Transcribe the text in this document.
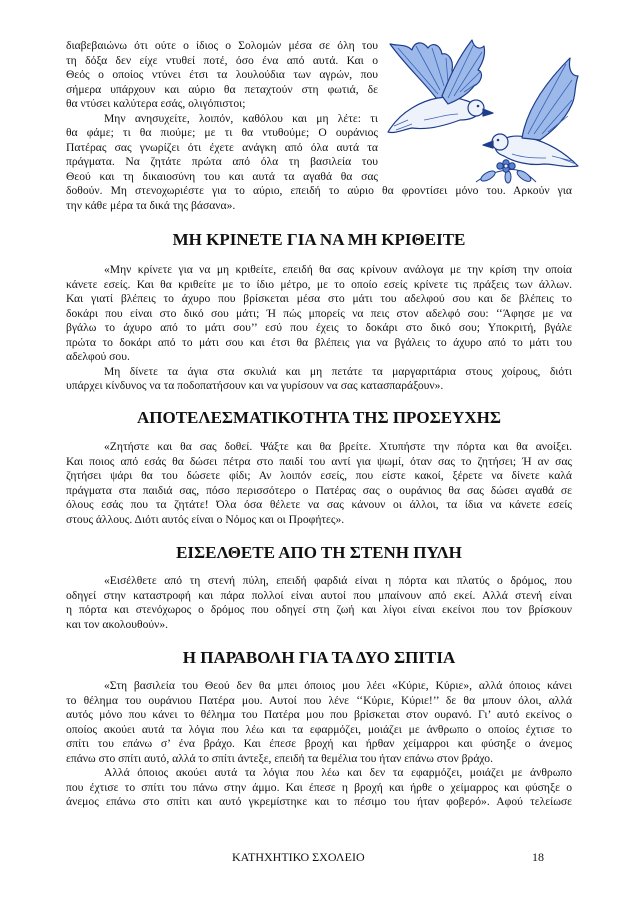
διαβεβαιώνω ότι ούτε ο ίδιος ο Σολομών μέσα σε όλη του
τη δόξα δεν είχε ντυθεί ποτέ, όσο ένα από αυτά. Και ο
Θεός ο οποίος ντύνει έτσι τα λουλούδια των αγρών, που
σήμερα υπάρχουν και αύριο θα πεταχτούν στη φωτιά, δε
θα ντύσει καλύτερα εσάς, ολιγόπιστοι;
Μην ανησυχείτε, λοιπόν, καθόλου και μη λέτε: τι
θα φάμε; τι θα πιούμε; με τι θα ντυθούμε; Ο ουράνιος
Πατέρας σας γνωρίζει ότι έχετε ανάγκη από όλα αυτά τα
πράγματα. Να ζητάτε πρώτα από όλα τη βασιλεία του
Θεού και τη δικαιοσύνη του και αυτά τα αγαθά θα σας
δοθούν. Μη στενοχωριέστε για το αύριο, επειδή το αύριο θα φροντίσει μόνο του. Αρκούν για
την κάθε μέρα τα δικά της βάσανα».
ΜΗ ΚΡΙΝΕΤΕ ΓΙΑ ΝΑ ΜΗ ΚΡΙΘΕΙΤΕ
«Μην κρίνετε για να μη κριθείτε, επειδή θα σας κρίνουν ανάλογα με την κρίση την οποία
κάνετε εσείς. Και θα κριθείτε με το ίδιο μέτρο, με το οποίο εσείς κρίνετε τις πράξεις των άλλων.
Και γιατί βλέπεις το άχυρο που βρίσκεται μέσα στο μάτι του αδελφού σου και δε βλέπεις το
δοκάρι που είναι στο δικό σου μάτι; Ή πώς μπορείς να πεις στον αδελφό σου: ‘‘Άφησε με να
βγάλω το άχυρο από το μάτι σου’’ εσύ που έχεις το δοκάρι στο δικό σου; Υποκριτή, βγάλε
πρώτα το δοκάρι από το μάτι σου και έτσι θα βλέπεις για να βγάλεις το άχυρο από το μάτι του
αδελφού σου.
Μη δίνετε τα άγια στα σκυλιά και μη πετάτε τα μαργαριτάρια στους χοίρους, διότι
υπάρχει κίνδυνος να τα ποδοπατήσουν και να γυρίσουν να σας κατασπαράξουν».
ΑΠΟΤΕΛΕΣΜΑΤΙΚΟΤΗΤΑ ΤΗΣ ΠΡΟΣΕΥΧΗΣ
«Ζητήστε και θα σας δοθεί. Ψάξτε και θα βρείτε. Χτυπήστε την πόρτα και θα ανοίξει.
Και ποιος από εσάς θα δώσει πέτρα στο παιδί του αντί για ψωμί, όταν σας το ζητήσει; Ή αν σας
ζητήσει ψάρι θα του δώσετε φίδι; Αν λοιπόν εσείς, που είστε κακοί, ξέρετε να δίνετε καλά
πράγματα στα παιδιά σας, πόσο περισσότερο ο Πατέρας σας ο ουράνιος θα σας δώσει αγαθά σε
όλους εσάς που τα ζητάτε! Όλα όσα θέλετε να σας κάνουν οι άλλοι, τα ίδια να κάνετε εσείς
στους άλλους. Διότι αυτός είναι ο Νόμος και οι Προφήτες».
ΕΙΣΕΛΘΕΤΕ ΑΠΟ ΤΗ ΣΤΕΝΗ ΠΥΛΗ
«Εισέλθετε από τη στενή πύλη, επειδή φαρδιά είναι η πόρτα και πλατύς ο δρόμος, που
οδηγεί στην καταστροφή και πάρα πολλοί είναι αυτοί που μπαίνουν από εκεί. Αλλά στενή είναι
η πόρτα και στενόχωρος ο δρόμος που οδηγεί στη ζωή και λίγοι είναι εκείνοι που τον βρίσκουν
και τον ακολουθούν».
Η ΠΑΡΑΒΟΛΗ ΓΙΑ ΤΑ ΔΥΟ ΣΠΙΤΙΑ
«Στη βασιλεία του Θεού δεν θα μπει όποιος μου λέει «Κύριε, Κύριε», αλλά όποιος κάνει
το θέλημα του ουράνιου Πατέρα μου. Αυτοί που λένε ‘‘Κύριε, Κύριε!’’ δε θα μπουν όλοι, αλλά
αυτός μόνο που κάνει το θέλημα του Πατέρα μου που βρίσκεται στον ουρανό. Γι’ αυτό εκείνος ο
οποίος ακούει αυτά τα λόγια που λέω και τα εφαρμόζει, μοιάζει με άνθρωπο ο οποίος έχτισε το
σπίτι του επάνω σ’ ένα βράχο. Και έπεσε βροχή και ήρθαν χείμαρροι και φύσηξε ο άνεμος
επάνω στο σπίτι αυτό, αλλά το σπίτι άντεξε, επειδή τα θεμέλια του ήταν επάνω στον βράχο.
Αλλά όποιος ακούει αυτά τα λόγια που λέω και δεν τα εφαρμόζει, μοιάζει με άνθρωπο
που έχτισε το σπίτι του πάνω στην άμμο. Και έπεσε η βροχή και ήρθε ο χείμαρρος και φύσηξε ο
άνεμος επάνω στο σπίτι και αυτό γκρεμίστηκε και το πέσιμο του ήταν φοβερό». Αφού τελείωσε
ΚΑΤΗΧΗΤΙΚΟ ΣΧΟΛΕΙΟ	18
